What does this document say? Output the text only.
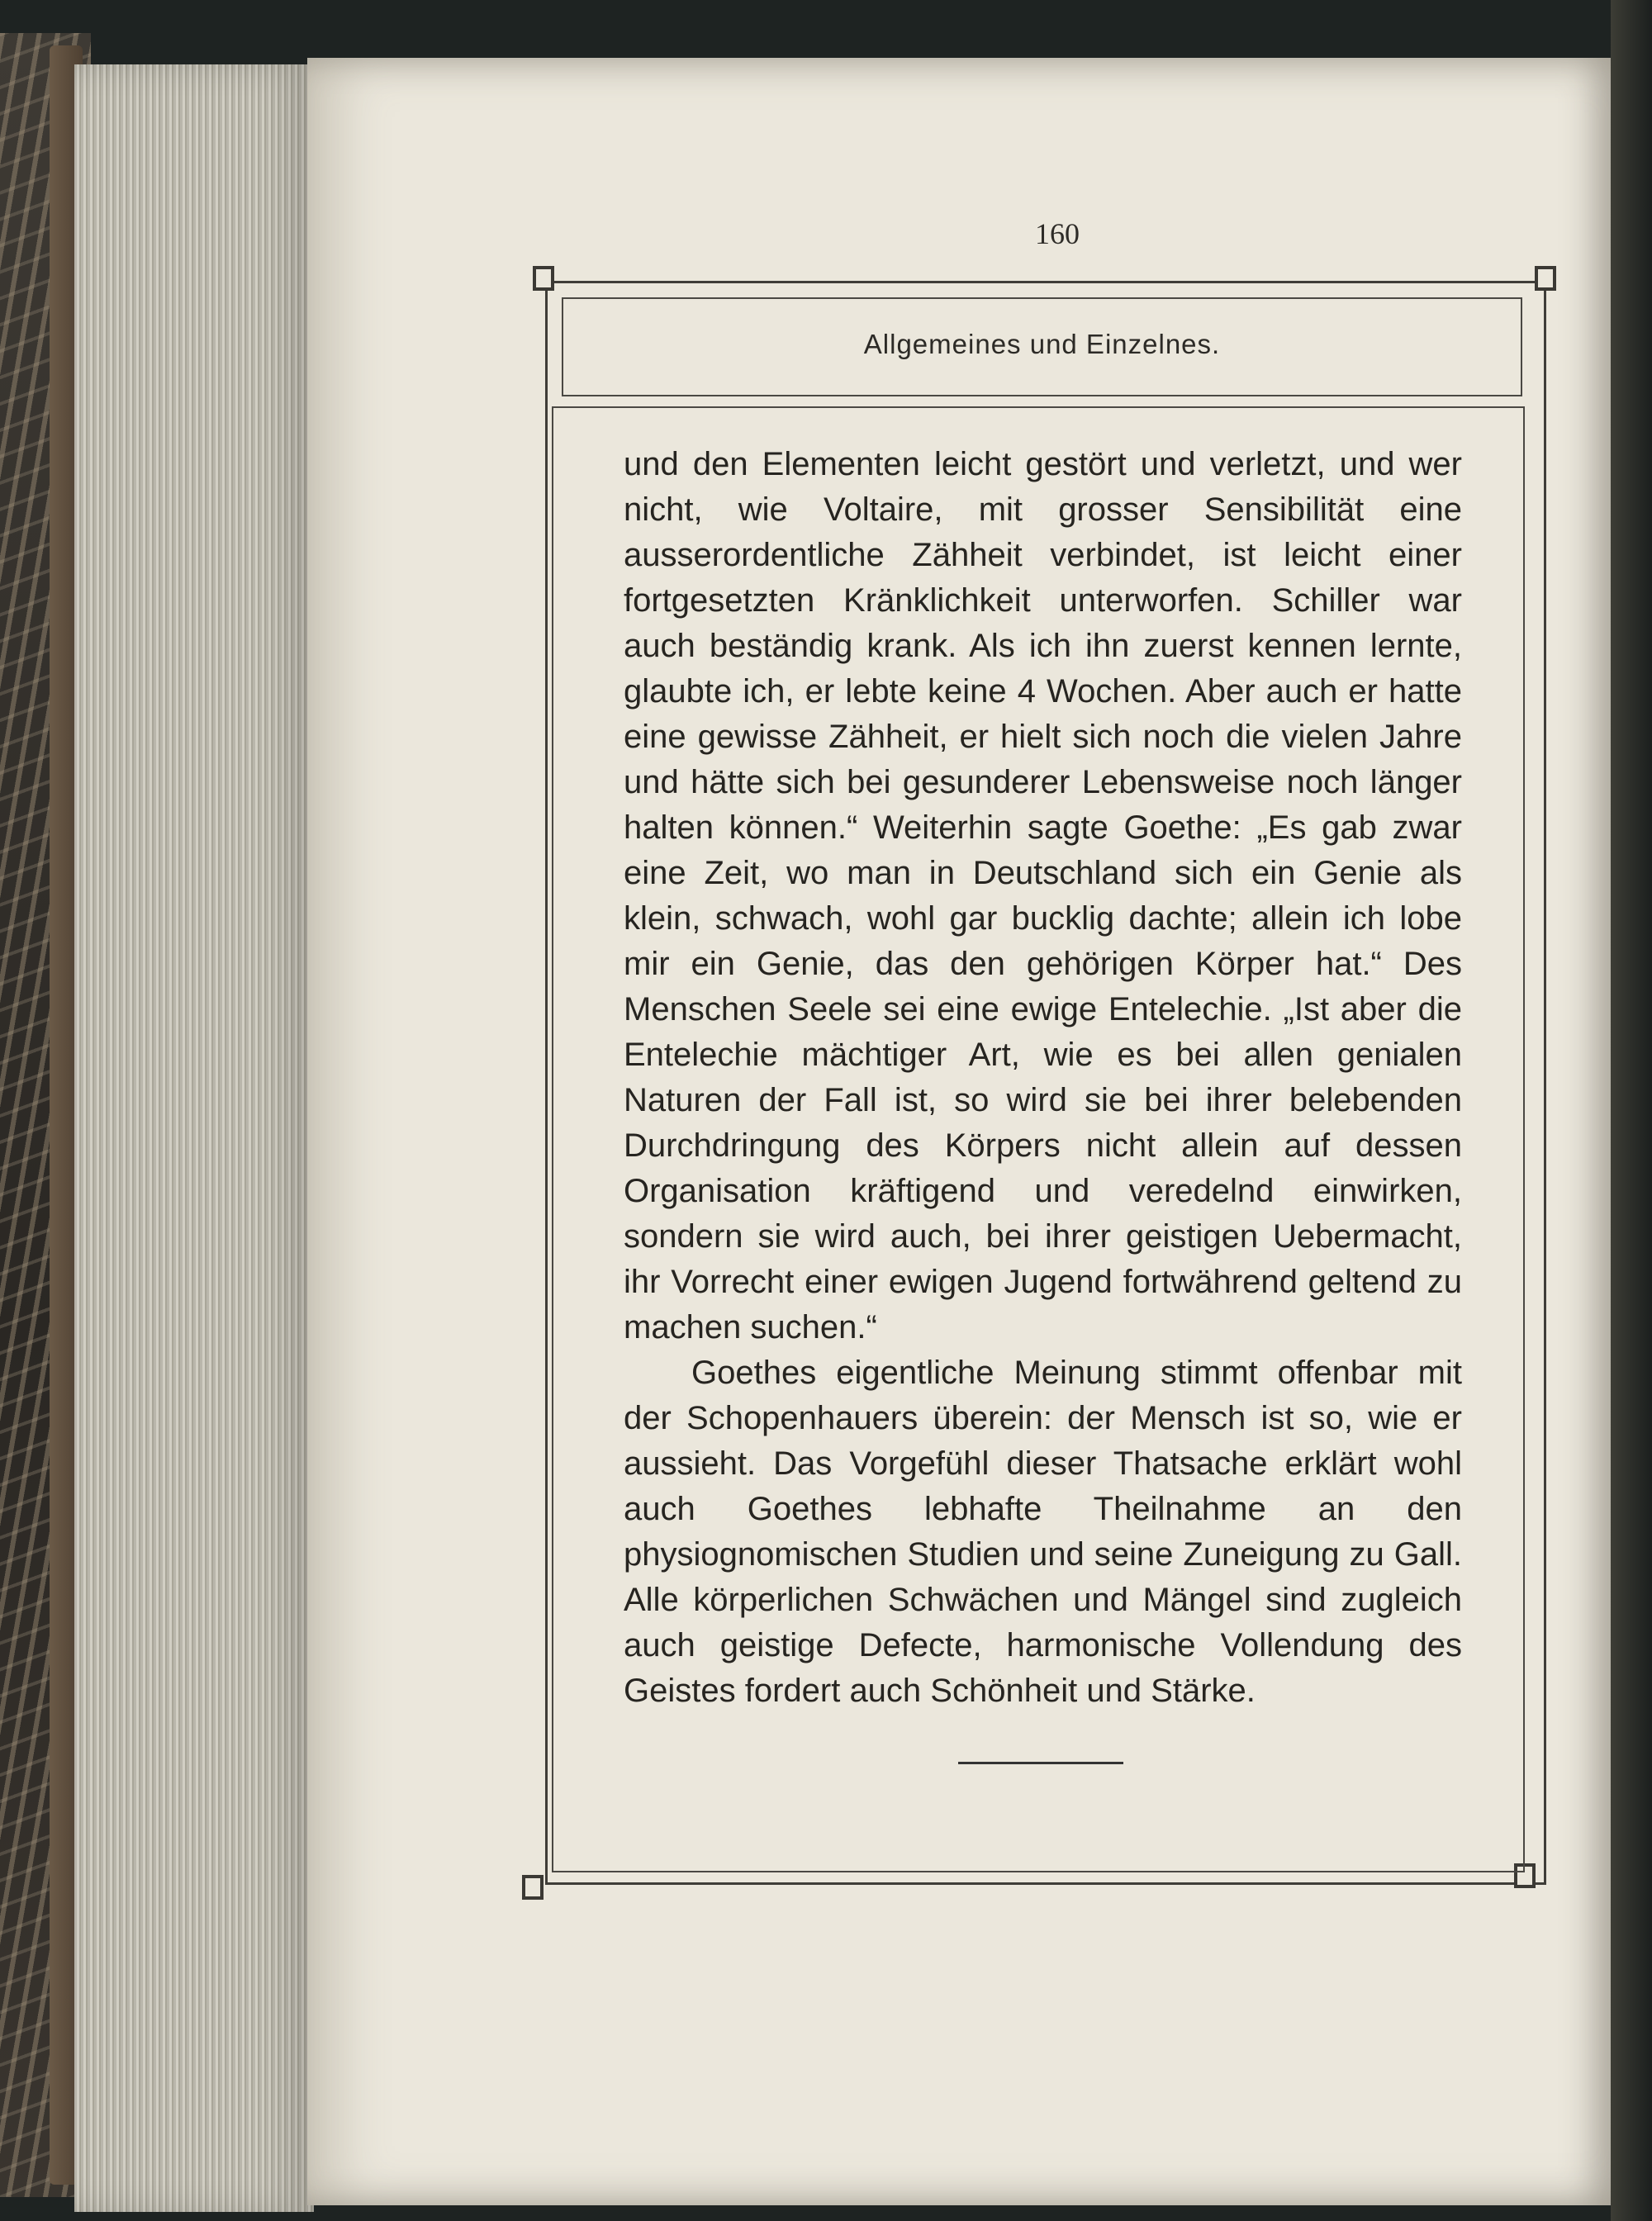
160
Allgemeines und Einzelnes.

und den Elementen leicht gestört und verletzt, und wer nicht, wie Voltaire, mit grosser Sensibilität eine ausserordentliche Zähheit verbindet, ist leicht einer fortgesetzten Kränklichkeit unterworfen. Schiller war auch beständig krank. Als ich ihn zuerst kennen lernte, glaubte ich, er lebte keine 4 Wochen. Aber auch er hatte eine gewisse Zähheit, er hielt sich noch die vielen Jahre und hätte sich bei gesunderer Lebensweise noch länger halten können.“ Weiterhin sagte Goethe: „Es gab zwar eine Zeit, wo man in Deutschland sich ein Genie als klein, schwach, wohl gar bucklig dachte; allein ich lobe mir ein Genie, das den gehörigen Körper hat.“ Des Menschen Seele sei eine ewige Entelechie. „Ist aber die Entelechie mächtiger Art, wie es bei allen genialen Naturen der Fall ist, so wird sie bei ihrer belebenden Durchdringung des Körpers nicht allein auf dessen Organisation kräftigend und veredelnd einwirken, sondern sie wird auch, bei ihrer geistigen Uebermacht, ihr Vorrecht einer ewigen Jugend fortwährend geltend zu machen suchen.“

Goethes eigentliche Meinung stimmt offenbar mit der Schopenhauers überein: der Mensch ist so, wie er aussieht. Das Vorgefühl dieser Thatsache erklärt wohl auch Goethes lebhafte Theilnahme an den physiognomischen Studien und seine Zuneigung zu Gall. Alle körperlichen Schwächen und Mängel sind zugleich auch geistige Defecte, harmonische Vollendung des Geistes fordert auch Schönheit und Stärke.
